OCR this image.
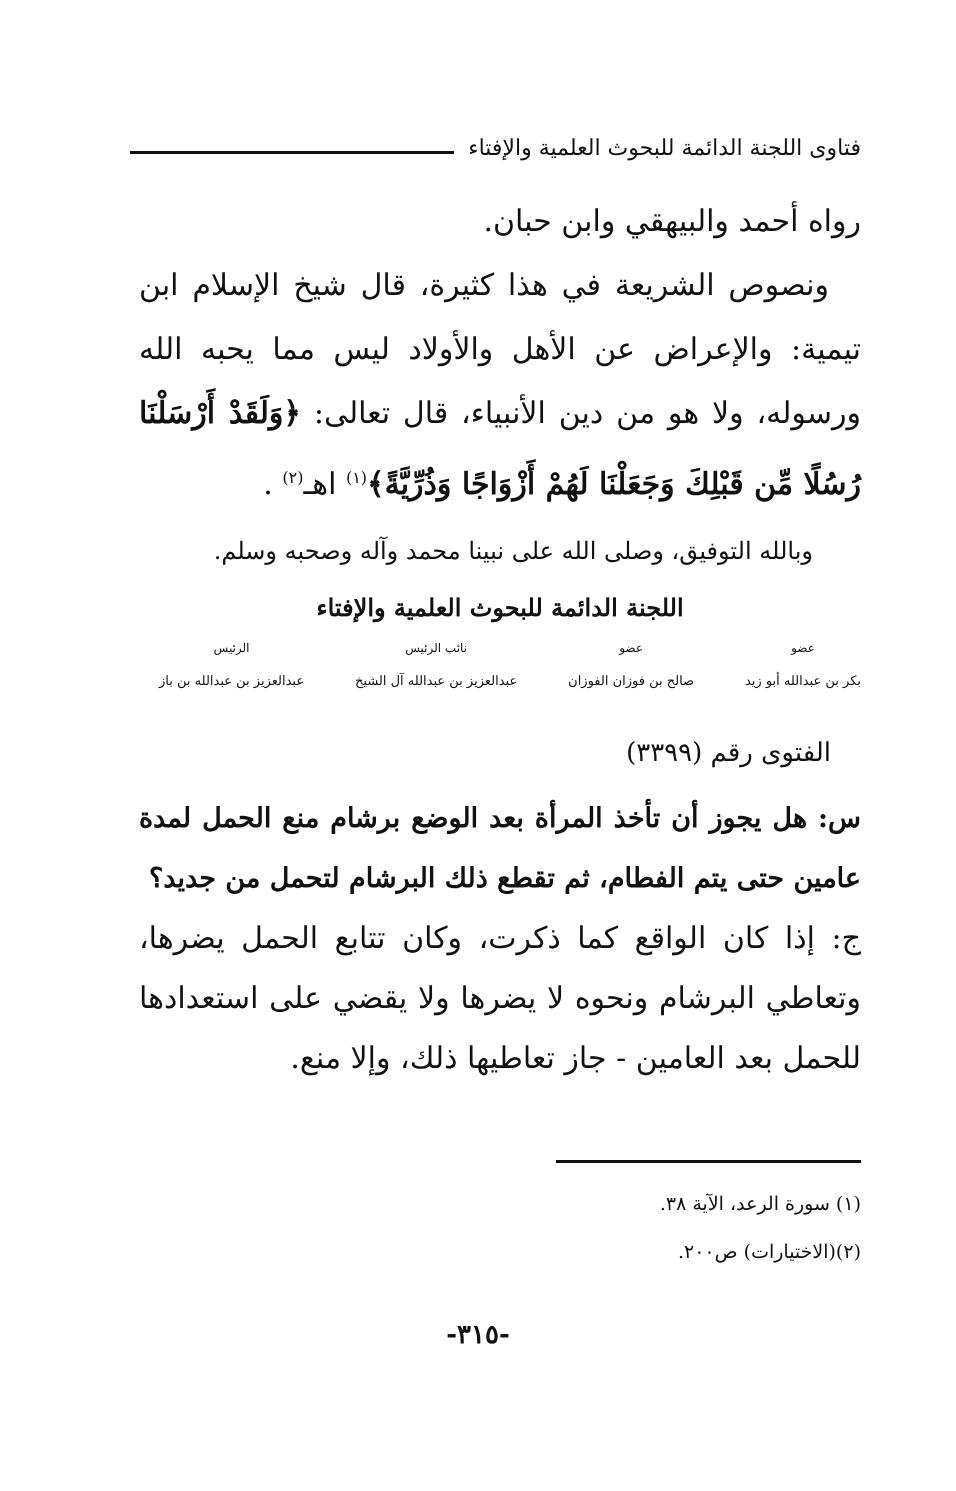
فتاوى اللجنة الدائمة للبحوث العلمية والإفتاء

رواه أحمد والبيهقي وابن حبان.

ونصوص الشريعة في هذا كثيرة، قال شيخ الإسلام ابن تيمية: والإعراض عن الأهل والأولاد ليس مما يحبه الله ورسوله، ولا هو من دين الأنبياء، قال تعالى: ﴿وَلَقَدْ أَرْسَلْنَا رُسُلًا مِّن قَبْلِكَ وَجَعَلْنَا لَهُمْ أَزْوَاجًا وَذُرِّيَّةً﴾$^{(١)}$ اهـ$^{(٢)}$ .

وبالله التوفيق، وصلى الله على نبينا محمد وآله وصحبه وسلم.
اللجنة الدائمة للبحوث العلمية والإفتاء
عضو
بكر بن عبدالله أبو زيد
عضو
صالح بن فوزان الفوزان
نائب الرئيس
عبدالعزيز بن عبدالله آل الشيخ
الرئيس
عبدالعزيز بن عبدالله بن باز
الفتوى رقم (٣٣٩٩)
س: هل يجوز أن تأخذ المرأة بعد الوضع برشام منع الحمل لمدة عامين حتى يتم الفطام، ثم تقطع ذلك البرشام لتحمل من جديد؟
ج: إذا كان الواقع كما ذكرت، وكان تتابع الحمل يضرها، وتعاطي البرشام ونحوه لا يضرها ولا يقضي على استعدادها للحمل بعد العامين - جاز تعاطيها ذلك، وإلا منع.
(١) سورة الرعد، الآية ٣٨.
(٢)(الاختيارات) ص٢٠٠.
-٣١٥-
